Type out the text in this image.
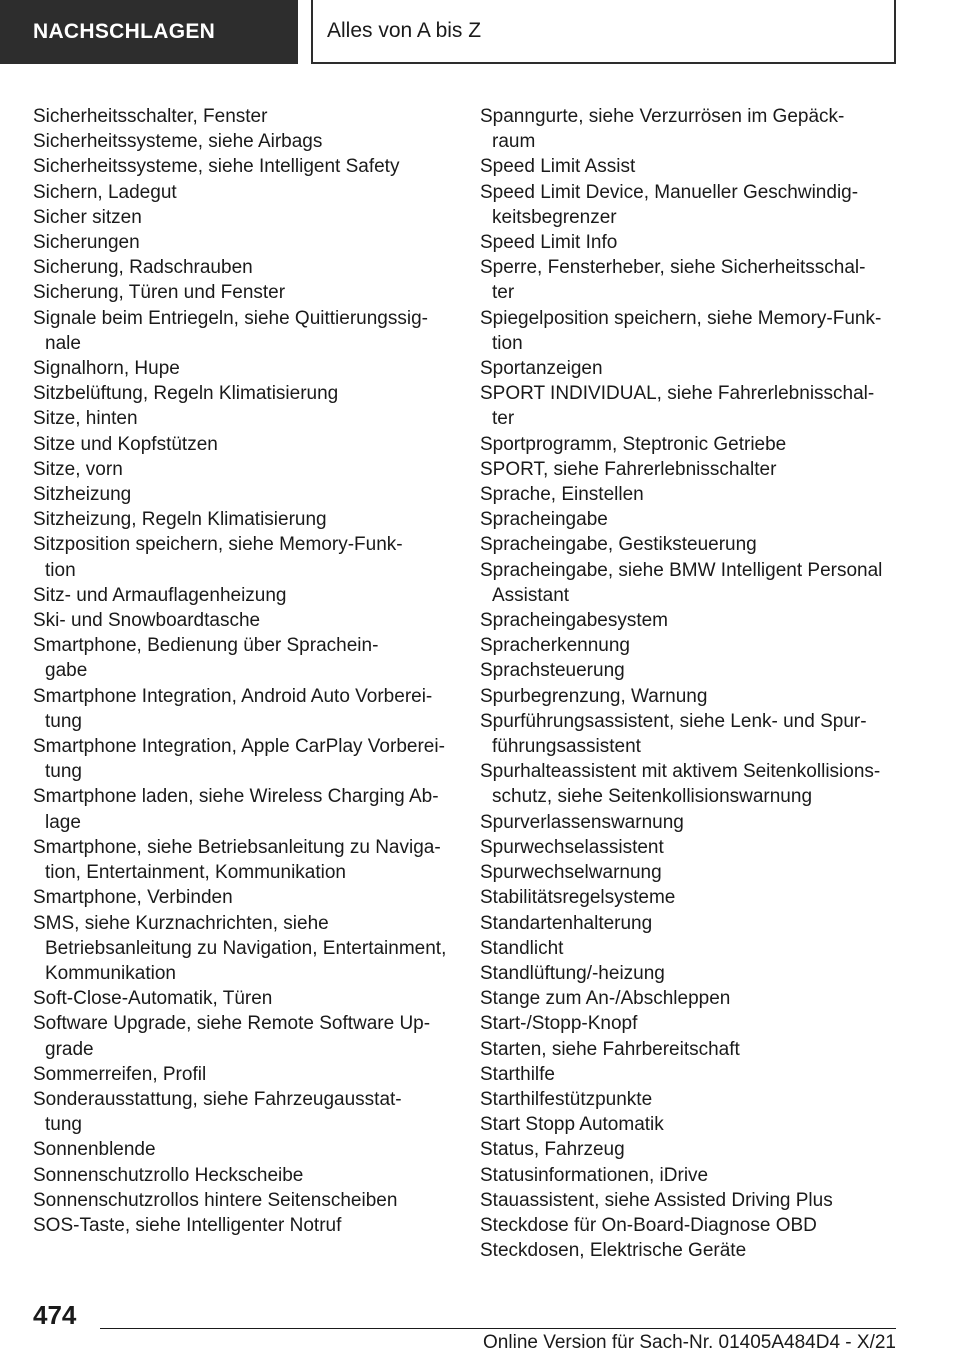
NACHSCHLAGEN	Alles von A bis Z
Sicherheitsschalter, Fenster
Sicherheitssysteme, siehe Airbags
Sicherheitssysteme, siehe Intelligent Safety
Sichern, Ladegut
Sicher sitzen
Sicherungen
Sicherung, Radschrauben
Sicherung, Türen und Fenster
Signale beim Entriegeln, siehe Quittierungssig-
nale
Signalhorn, Hupe
Sitzbelüftung, Regeln Klimatisierung
Sitze, hinten
Sitze und Kopfstützen
Sitze, vorn
Sitzheizung
Sitzheizung, Regeln Klimatisierung
Sitzposition speichern, siehe Memory-Funk-
tion
Sitz- und Armauflagenheizung
Ski- und Snowboardtasche
Smartphone, Bedienung über Sprachein-
gabe
Smartphone Integration, Android Auto Vorberei-
tung
Smartphone Integration, Apple CarPlay Vorberei-
tung
Smartphone laden, siehe Wireless Charging Ab-
lage
Smartphone, siehe Betriebsanleitung zu Naviga-
tion, Entertainment, Kommunikation
Smartphone, Verbinden
SMS, siehe Kurznachrichten, siehe
Betriebsanleitung zu Navigation, Entertainment,
Kommunikation
Soft-Close-Automatik, Türen
Software Upgrade, siehe Remote Software Up-
grade
Sommerreifen, Profil
Sonderausstattung, siehe Fahrzeugausstat-
tung
Sonnenblende
Sonnenschutzrollo Heckscheibe
Sonnenschutzrollos hintere Seitenscheiben
SOS-Taste, siehe Intelligenter Notruf
Spanngurte, siehe Verzurrösen im Gepäck-
raum
Speed Limit Assist
Speed Limit Device, Manueller Geschwindig-
keitsbegrenzer
Speed Limit Info
Sperre, Fensterheber, siehe Sicherheitsschal-
ter
Spiegelposition speichern, siehe Memory-Funk-
tion
Sportanzeigen
SPORT INDIVIDUAL, siehe Fahrerlebnisschal-
ter
Sportprogramm, Steptronic Getriebe
SPORT, siehe Fahrerlebnisschalter
Sprache, Einstellen
Spracheingabe
Spracheingabe, Gestiksteuerung
Spracheingabe, siehe BMW Intelligent Personal
Assistant
Spracheingabesystem
Spracherkennung
Sprachsteuerung
Spurbegrenzung, Warnung
Spurführungsassistent, siehe Lenk- und Spur-
führungsassistent
Spurhalteassistent mit aktivem Seitenkollisions-
schutz, siehe Seitenkollisionswarnung
Spurverlassenswarnung
Spurwechselassistent
Spurwechselwarnung
Stabilitätsregelsysteme
Standartenhalterung
Standlicht
Standlüftung/-heizung
Stange zum An-/Abschleppen
Start-/Stopp-Knopf
Starten, siehe Fahrbereitschaft
Starthilfe
Starthilfestützpunkte
Start Stopp Automatik
Status, Fahrzeug
Statusinformationen, iDrive
Stauassistent, siehe Assisted Driving Plus
Steckdose für On-Board-Diagnose OBD
Steckdosen, Elektrische Geräte
474
Online Version für Sach-Nr. 01405A484D4 - X/21
